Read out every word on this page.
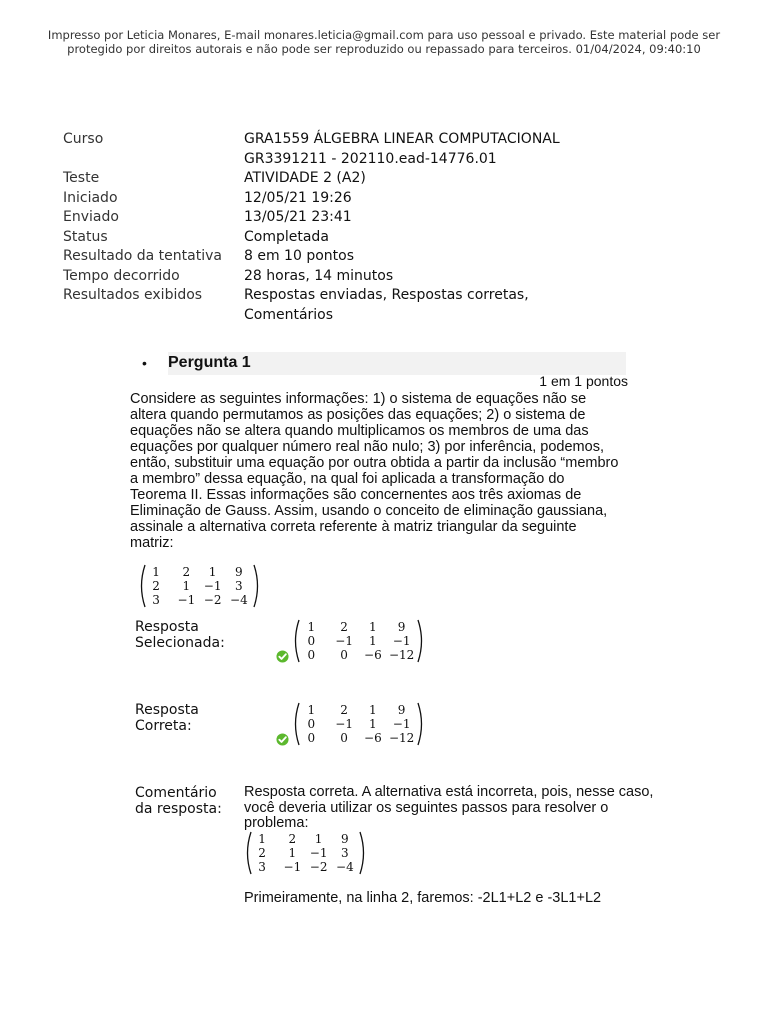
Impresso por Leticia Monares, E-mail monares.leticia@gmail.com para uso pessoal e privado. Este material pode ser protegido por direitos autorais e não pode ser reproduzido ou repassado para terceiros. 01/04/2024, 09:40:10
Curso	GRA1559 ÁLGEBRA LINEAR COMPUTACIONAL GR3391211 - 202110.ead-14776.01
Teste	ATIVIDADE 2 (A2)
Iniciado	12/05/21 19:26
Enviado	13/05/21 23:41
Status	Completada
Resultado da tentativa	8 em 10 pontos
Tempo decorrido	28 horas, 14 minutos
Resultados exibidos	Respostas enviadas, Respostas corretas, Comentários
• Pergunta 1
1 em 1 pontos
Considere as seguintes informações: 1) o sistema de equações não se altera quando permutamos as posições das equações; 2) o sistema de equações não se altera quando multiplicamos os membros de uma das equações por qualquer número real não nulo; 3) por inferência, podemos, então, substituir uma equação por outra obtida a partir da inclusão “membro a membro” dessa equação, na qual foi aplicada a transformação do Teorema II. Essas informações são concernentes aos três axiomas de Eliminação de Gauss. Assim, usando o conceito de eliminação gaussiana, assinale a alternativa correta referente à matriz triangular da seguinte matriz:
1 2 1 9
2 1 −1 3
3 −1 −2 −4
Resposta
Selecionada:
1 2 1 9
0 −1 1 −1
0 0 −6 −12
Resposta
Correta:
1 2 1 9
0 −1 1 −1
0 0 −6 −12
Comentário
da resposta:
Resposta correta. A alternativa está incorreta, pois, nesse caso, você deveria utilizar os seguintes passos para resolver o problema:
1 2 1 9
2 1 −1 3
3 −1 −2 −4
Primeiramente, na linha 2, faremos: -2L1+L2 e -3L1+L2
